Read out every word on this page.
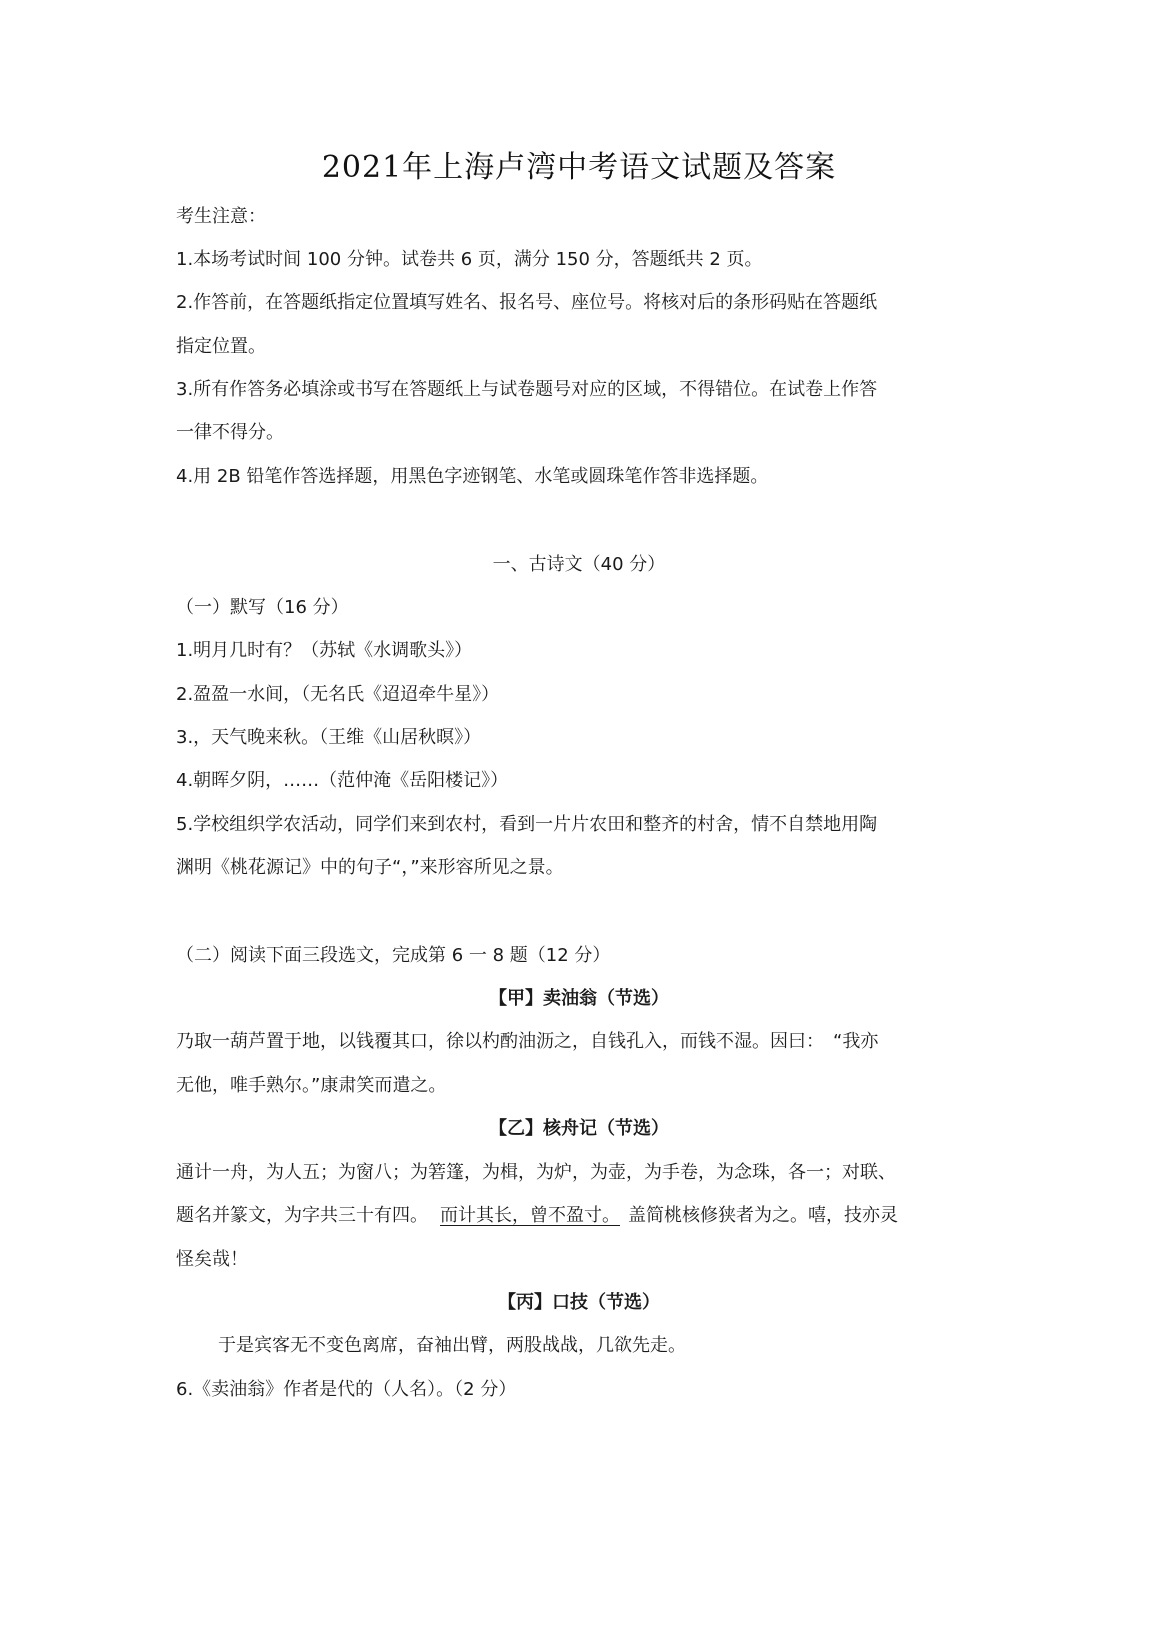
2021年上海卢湾中考语文试题及答案
考生注意：
1.本场考试时间 100 分钟。试卷共 6 页，满分 150 分，答题纸共 2 页。
2.作答前，在答题纸指定位置填写姓名、报名号、座位号。将核对后的条形码贴在答题纸
指定位置。
3.所有作答务必填涂或书写在答题纸上与试卷题号对应的区域，不得错位。在试卷上作答
一律不得分。
4.用 2B 铅笔作答选择题，用黑色字迹钢笔、水笔或圆珠笔作答非选择题。
一、古诗文（40 分）
（一）默写（16 分）
1.明月几时有？（苏轼《水调歌头》）
2.盈盈一水间，（无名氏《迢迢牵牛星》）
3.，天气晚来秋。（王维《山居秋暝》）
4.朝晖夕阴，……（范仲淹《岳阳楼记》）
5.学校组织学农活动，同学们来到农村，看到一片片农田和整齐的村舍，情不自禁地用陶
渊明《桃花源记》中的句子“，”来形容所见之景。
（二）阅读下面三段选文，完成第 6 一 8 题（12 分）
【甲】卖油翁（节选）
乃取一葫芦置于地，以钱覆其口，徐以杓酌油沥之，自钱孔入，而钱不湿。因曰：　“我亦
无他，唯手熟尔。”康肃笑而遣之。
【乙】核舟记（节选）
通计一舟，为人五；为窗八；为箬篷，为楫，为炉，为壶，为手卷，为念珠，各一；对联、
题名并篆文，为字共三十有四。 而计其长，曾不盈寸。 盖简桃核修狭者为之。嘻，技亦灵
怪矣哉！
【丙】口技（节选）
于是宾客无不变色离席，奋袖出臂，两股战战，几欲先走。
6.《卖油翁》作者是代的（人名）。（2 分）
